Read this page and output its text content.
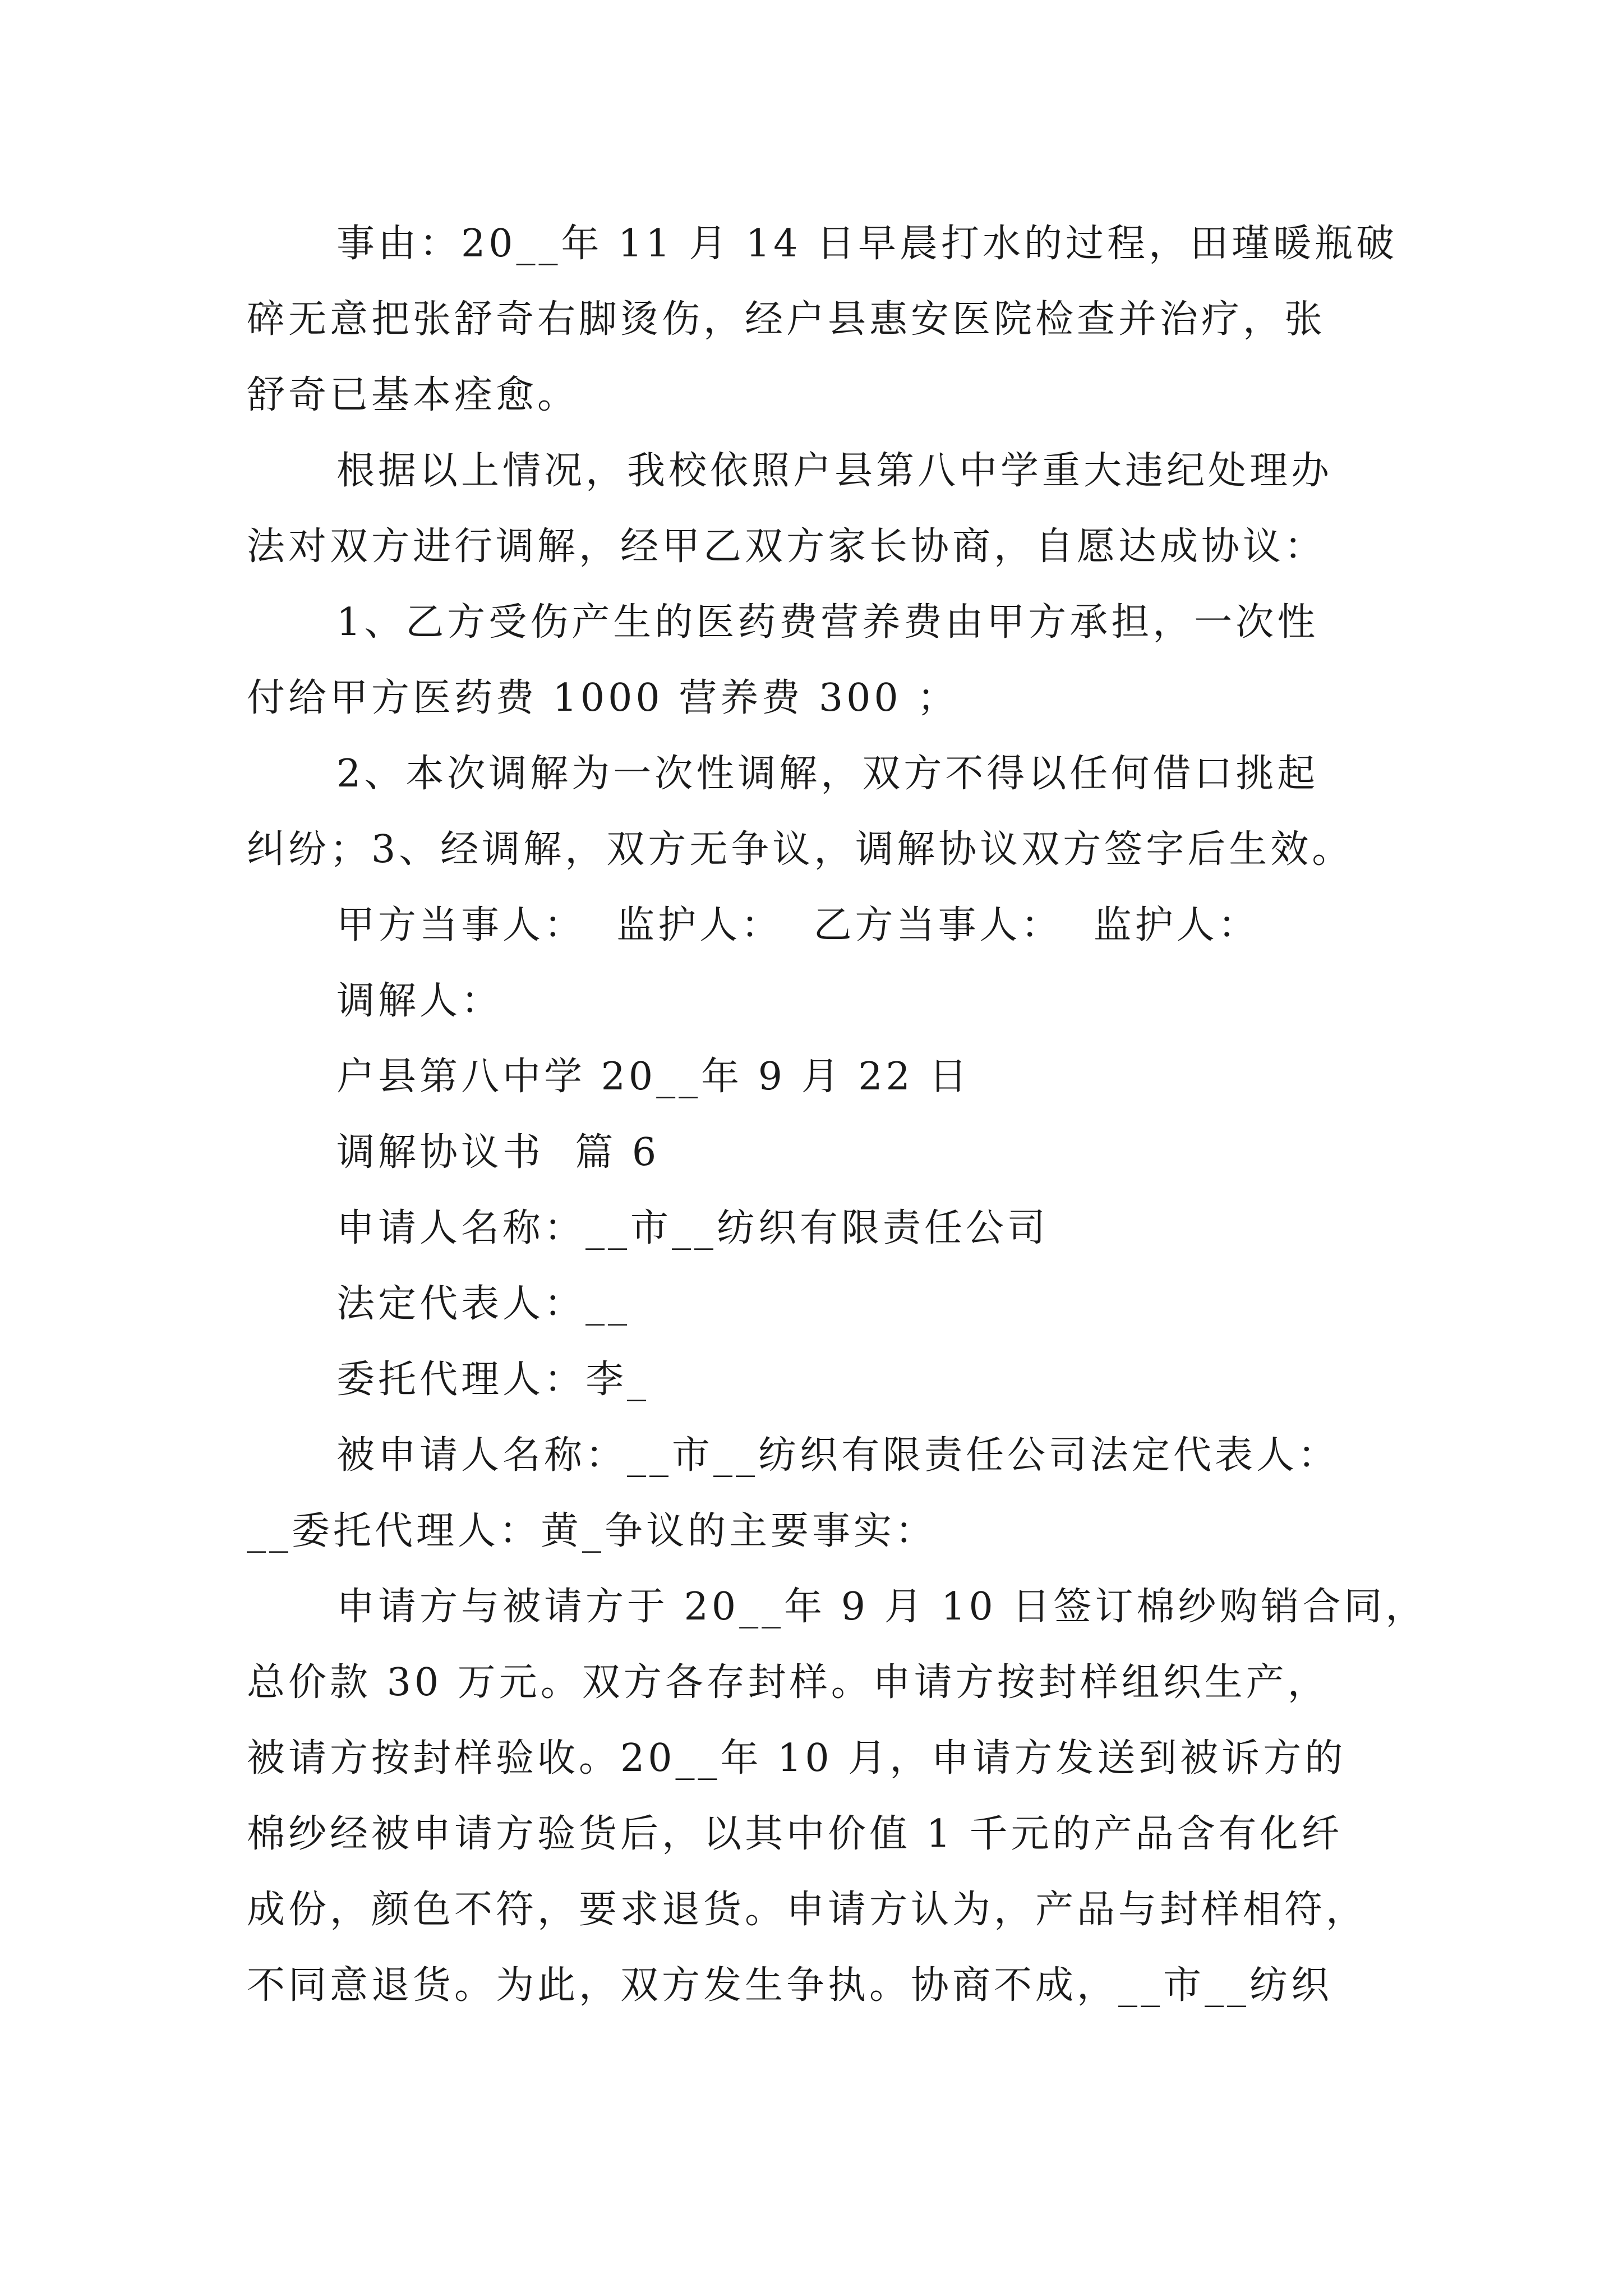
事由：20__年 11 月 14 日早晨打水的过程，田瑾暖瓶破
碎无意把张舒奇右脚烫伤，经户县惠安医院检查并治疗，张
舒奇已基本痊愈。
根据以上情况，我校依照户县第八中学重大违纪处理办
法对双方进行调解，经甲乙双方家长协商，自愿达成协议：
1、乙方受伤产生的医药费营养费由甲方承担，一次性
付给甲方医药费 1000 营养费 300 ；
2、本次调解为一次性调解，双方不得以任何借口挑起
纠纷；3、经调解，双方无争议，调解协议双方签字后生效。
甲方当事人：  监护人：  乙方当事人：  监护人：
调解人：
户县第八中学 20__年 9 月 22 日
调解协议书  篇 6
申请人名称：__市__纺织有限责任公司
法定代表人：__
委托代理人：李_
被申请人名称：__市__纺织有限责任公司法定代表人：
__委托代理人：黄_争议的主要事实：
申请方与被请方于 20__年 9 月 10 日签订棉纱购销合同，
总价款 30 万元。双方各存封样。申请方按封样组织生产，
被请方按封样验收。20__年 10 月，申请方发送到被诉方的
棉纱经被申请方验货后，以其中价值 1 千元的产品含有化纤
成份，颜色不符，要求退货。申请方认为，产品与封样相符，
不同意退货。为此，双方发生争执。协商不成，__市__纺织
